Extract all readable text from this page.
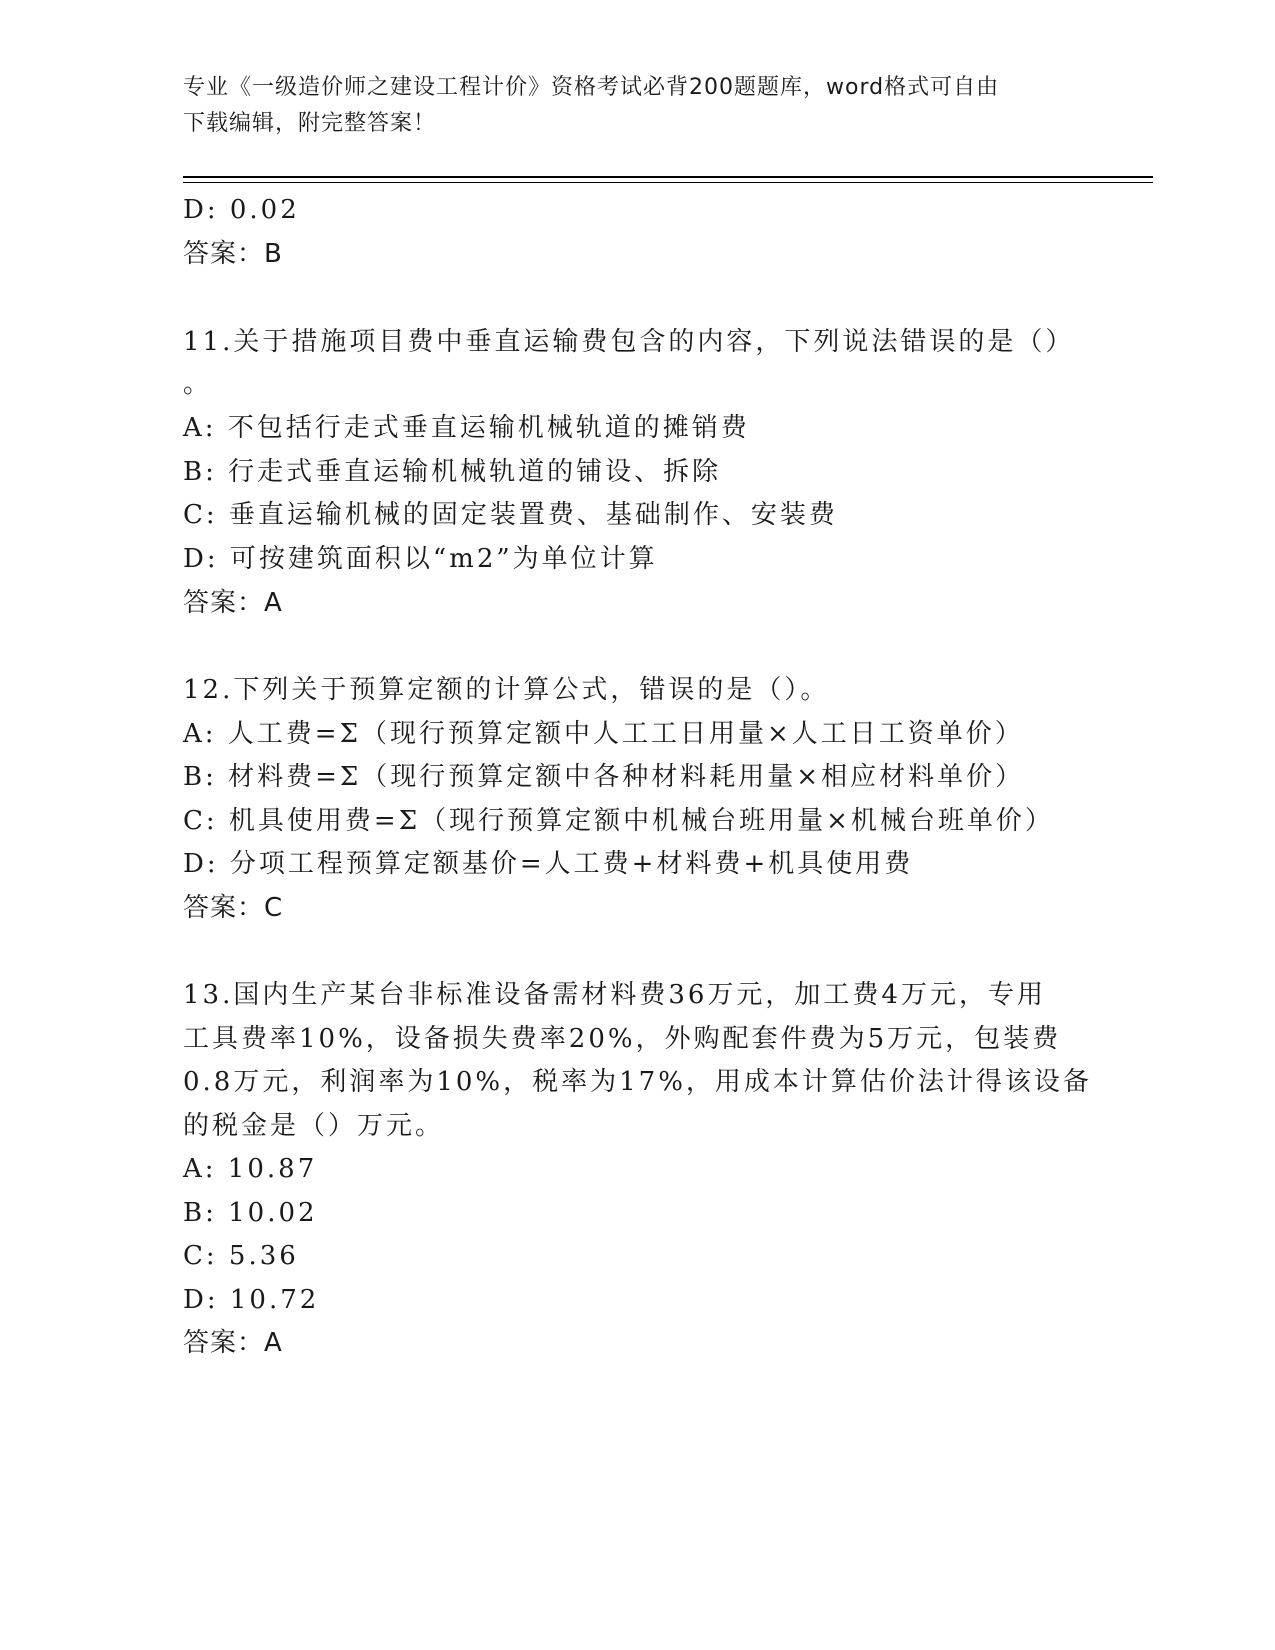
专业《一级造价师之建设工程计价》资格考试必背200题题库，word格式可自由
下载编辑，附完整答案！
D: 0.02
答案：B
11.关于措施项目费中垂直运输费包含的内容，下列说法错误的是（）
。
A: 不包括行走式垂直运输机械轨道的摊销费
B: 行走式垂直运输机械轨道的铺设、拆除
C: 垂直运输机械的固定装置费、基础制作、安装费
D: 可按建筑面积以“m2”为单位计算
答案：A
12.下列关于预算定额的计算公式，错误的是（）。
A: 人工费=Σ（现行预算定额中人工工日用量×人工日工资单价）
B: 材料费=Σ（现行预算定额中各种材料耗用量×相应材料单价）
C: 机具使用费=Σ（现行预算定额中机械台班用量×机械台班单价）
D: 分项工程预算定额基价=人工费+材料费+机具使用费
答案：C
13.国内生产某台非标准设备需材料费36万元，加工费4万元，专用
工具费率10%，设备损失费率20%，外购配套件费为5万元，包装费
0.8万元，利润率为10%，税率为17%，用成本计算估价法计得该设备
的税金是（）万元。
A: 10.87
B: 10.02
C: 5.36
D: 10.72
答案：A
